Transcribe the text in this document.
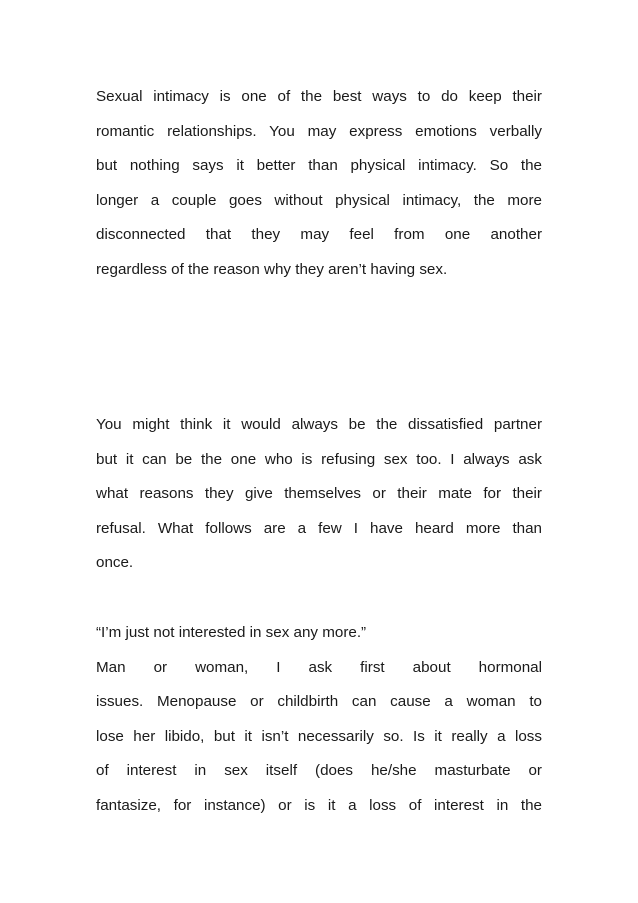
Sexual intimacy is one of the best ways to do keep their
romantic relationships. You may express emotions verbally
but nothing says it better than physical intimacy. So the
longer a couple goes without physical intimacy, the more
disconnected that they may feel from one another
regardless of the reason why they aren’t having sex.
You might think it would always be the dissatisfied partner
but it can be the one who is refusing sex too. I always ask
what reasons they give themselves or their mate for their
refusal. What follows are a few I have heard more than
once.
“I’m just not interested in sex any more.”
Man or woman, I ask first about hormonal
issues. Menopause or childbirth can cause a woman to
lose her libido, but it isn’t necessarily so. Is it really a loss
of interest in sex itself (does he/she masturbate or
fantasize, for instance) or is it a loss of interest in the
